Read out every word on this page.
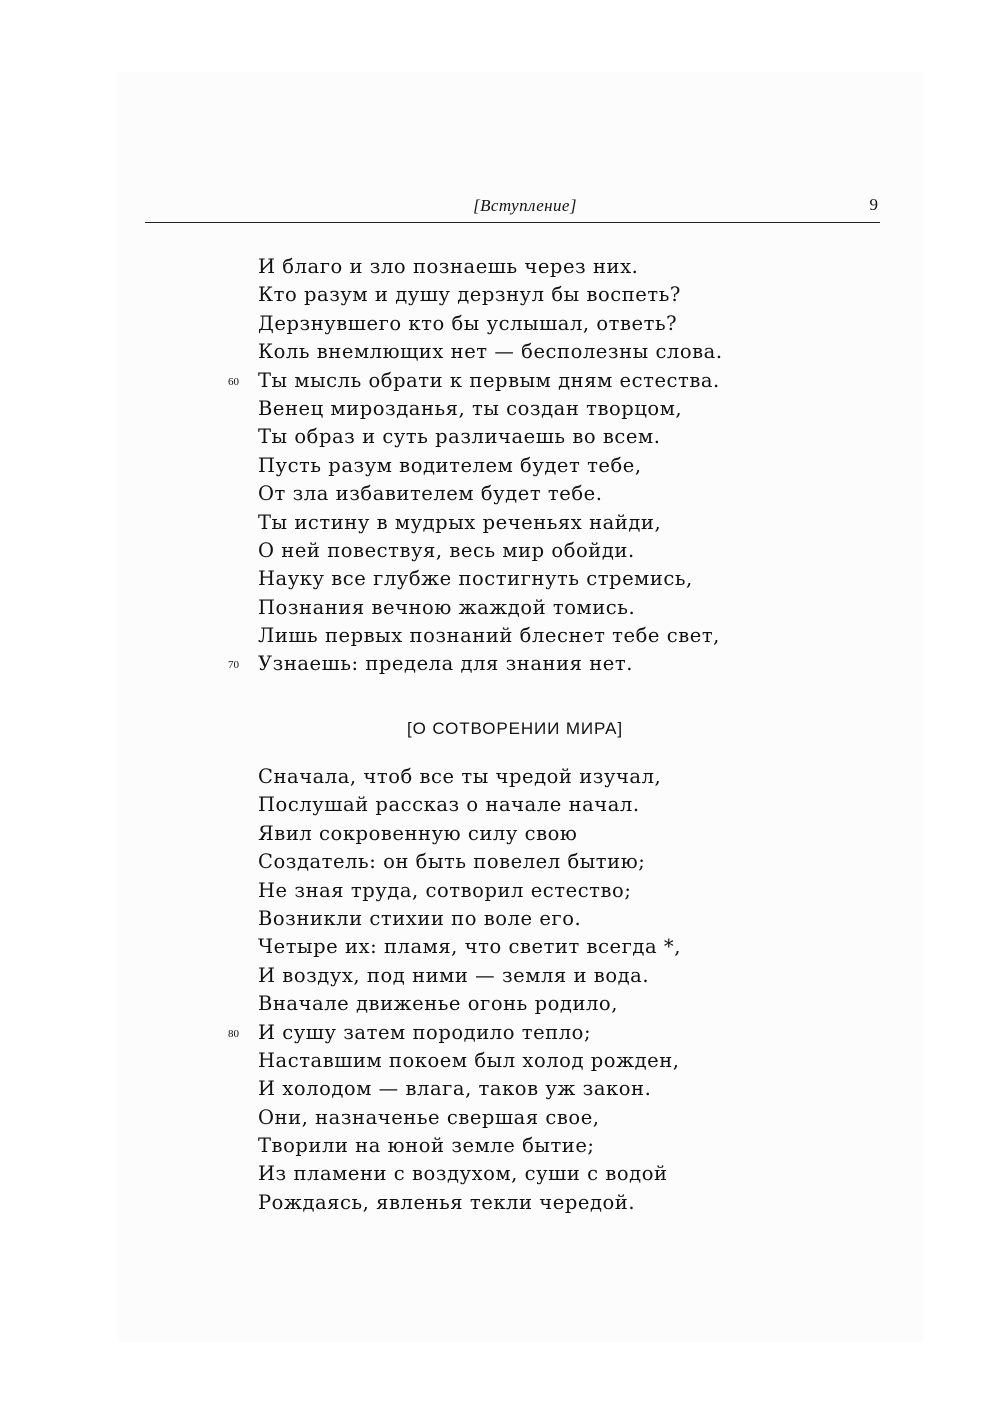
[Вступление]	9
И благо и зло познаешь через них.
Кто разум и душу дерзнул бы воспеть?
Дерзнувшего кто бы услышал, ответь?
Коль внемлющих нет — бесполезны слова.
60 Ты мысль обрати к первым дням естества.
Венец мирозданья, ты создан творцом,
Ты образ и суть различаешь во всем.
Пусть разум водителем будет тебе,
От зла избавителем будет тебе.
Ты истину в мудрых реченьях найди,
О ней повествуя, весь мир обойди.
Науку все глубже постигнуть стремись,
Познания вечною жаждой томись.
Лишь первых познаний блеснет тебе свет,
70 Узнаешь: предела для знания нет.
[О СОТВОРЕНИИ МИРА]
Сначала, чтоб все ты чредой изучал,
Послушай рассказ о начале начал.
Явил сокровенную силу свою
Создатель: он быть повелел бытию;
Не зная труда, сотворил естество;
Возникли стихии по воле его.
Четыре их: пламя, что светит всегда *,
И воздух, под ними — земля и вода.
Вначале движенье огонь родило,
80 И сушу затем породило тепло;
Наставшим покоем был холод рожден,
И холодом — влага, таков уж закон.
Они, назначенье свершая свое,
Творили на юной земле бытие;
Из пламени с воздухом, суши с водой
Рождаясь, явленья текли чередой.
